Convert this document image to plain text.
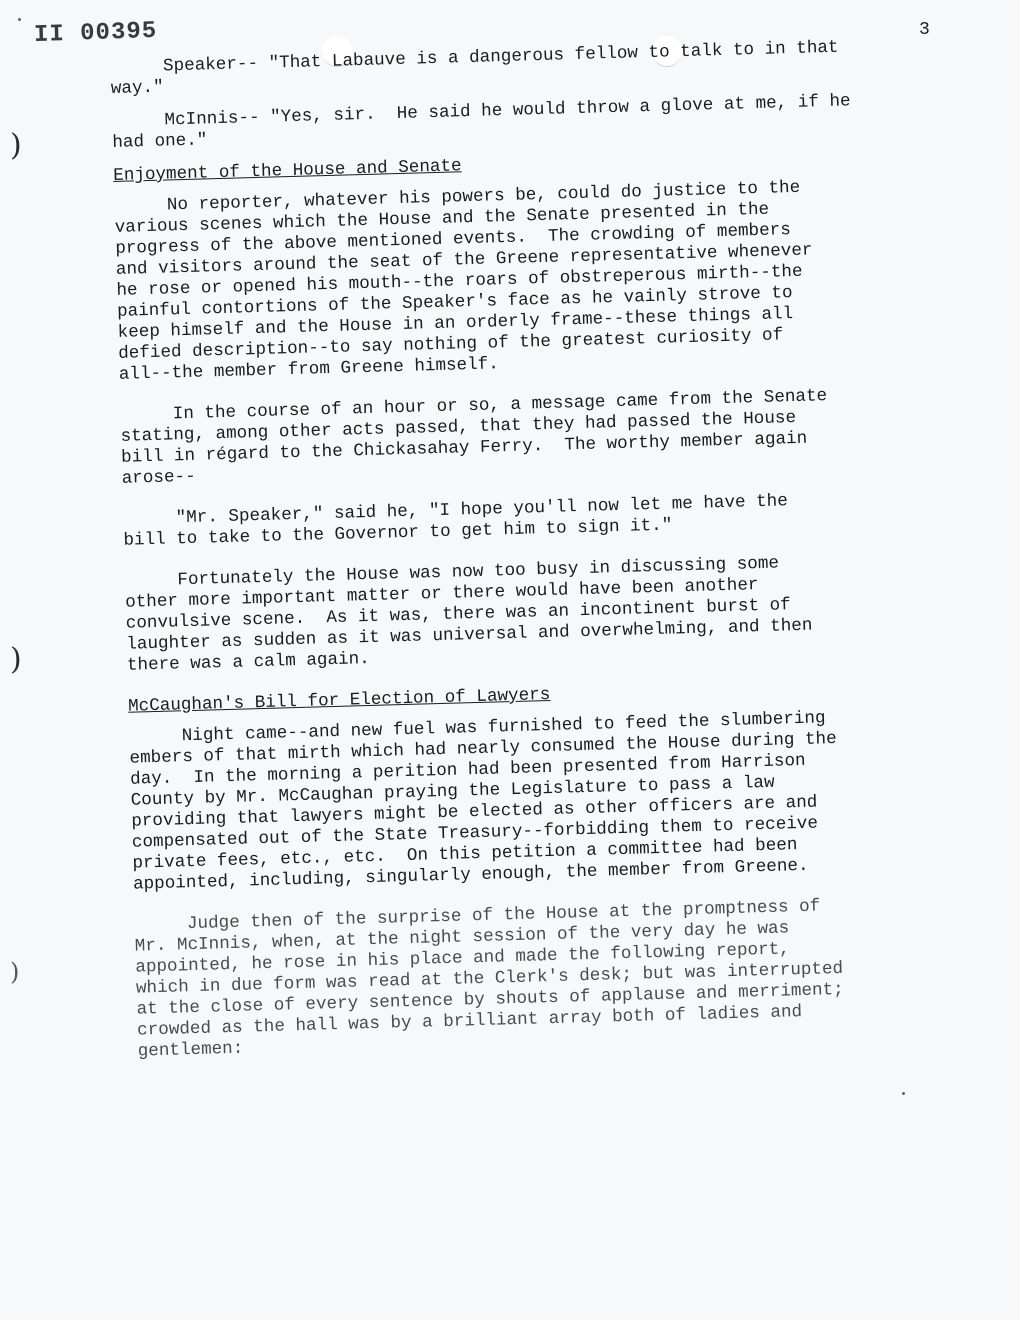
II 00395	3
)
)
)

Speaker-- "That Labauve is a dangerous fellow to talk to in that
way."

McInnis-- "Yes, sir.  He said he would throw a glove at me, if he
had one."

Enjoyment of the House and Senate

No reporter, whatever his powers be, could do justice to the
various scenes which the House and the Senate presented in the
progress of the above mentioned events.  The crowding of members
and visitors around the seat of the Greene representative whenever
he rose or opened his mouth--the roars of obstreperous mirth--the
painful contortions of the Speaker's face as he vainly strove to
keep himself and the House in an orderly frame--these things all
defied description--to say nothing of the greatest curiosity of
all--the member from Greene himself.

In the course of an hour or so, a message came from the Senate
stating, among other acts passed, that they had passed the House
bill in régard to the Chickasahay Ferry.  The worthy member again
arose--

"Mr. Speaker," said he, "I hope you'll now let me have the
bill to take to the Governor to get him to sign it."

Fortunately the House was now too busy in discussing some
other more important matter or there would have been another
convulsive scene.  As it was, there was an incontinent burst of
laughter as sudden as it was universal and overwhelming, and then
there was a calm again.

McCaughan's Bill for Election of Lawyers

Night came--and new fuel was furnished to feed the slumbering
embers of that mirth which had nearly consumed the House during the
day.  In the morning a perition had been presented from Harrison
County by Mr. McCaughan praying the Legislature to pass a law
providing that lawyers might be elected as other officers are and
compensated out of the State Treasury--forbidding them to receive
private fees, etc., etc.  On this petition a committee had been
appointed, including, singularly enough, the member from Greene.

Judge then of the surprise of the House at the promptness of
Mr. McInnis, when, at the night session of the very day he was
appointed, he rose in his place and made the following report,
which in due form was read at the Clerk's desk; but was interrupted
at the close of every sentence by shouts of applause and merriment;
crowded as the hall was by a brilliant array both of ladies and
gentlemen:
